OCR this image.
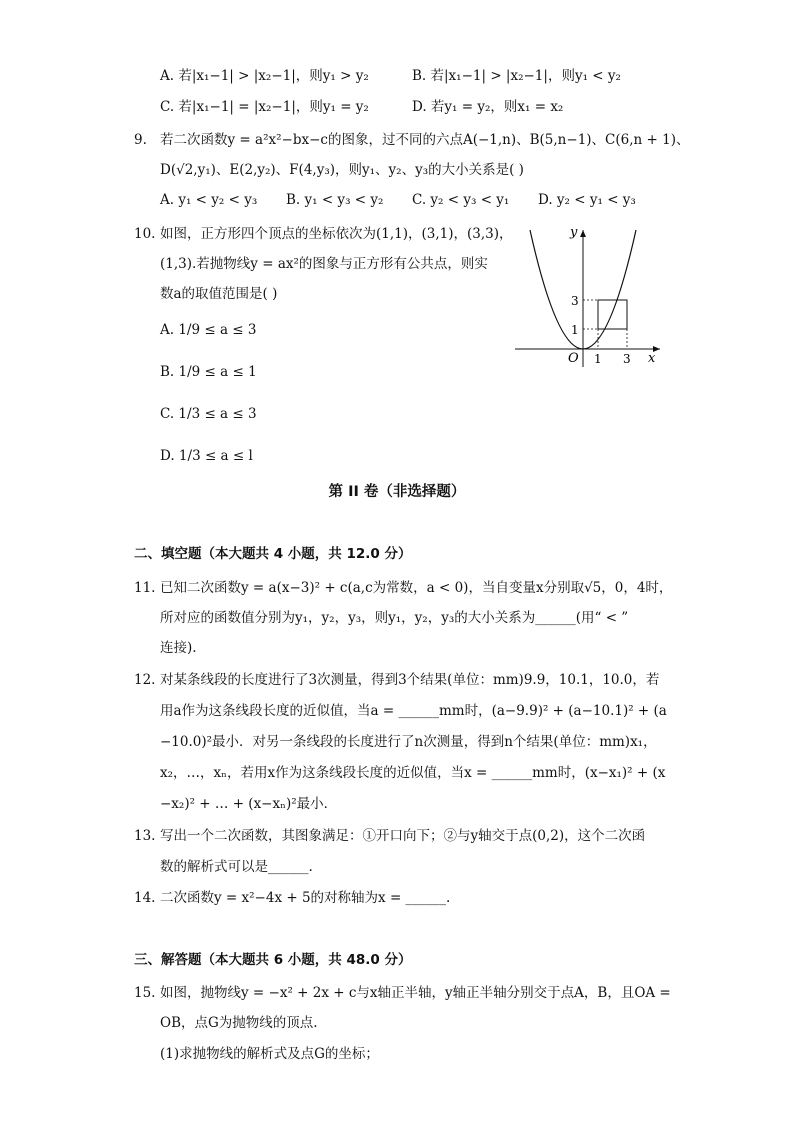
A. 若|x₁−1| > |x₂−1|，则y₁ > y₂	B. 若|x₁−1| > |x₂−1|，则y₁ < y₂
C. 若|x₁−1| = |x₂−1|，则y₁ = y₂	D. 若y₁ = y₂，则x₁ = x₂
9. 若二次函数y = a²x²−bx−c的图象，过不同的六点A(−1,n)、B(5,n−1)、C(6,n + 1)、
D(√2,y₁)、E(2,y₂)、F(4,y₃)，则y₁、y₂、y₃的大小关系是( )
A. y₁ < y₂ < y₃ B. y₁ < y₃ < y₂ C. y₂ < y₃ < y₁ D. y₂ < y₁ < y₃
10. 如图，正方形四个顶点的坐标依次为(1,1)，(3,1)，(3,3)，
(1,3).若抛物线y = ax²的图象与正方形有公共点，则实
数a的取值范围是( )
A. 1/9 ≤ a ≤ 3
B. 1/9 ≤ a ≤ 1
C. 1/3 ≤ a ≤ 3
D. 1/3 ≤ a ≤ l
y
x
O 1 3
1
3
第 II 卷（非选择题）
二、填空题（本大题共 4 小题，共 12.0 分）
11. 已知二次函数y = a(x−3)² + c(a,c为常数，a < 0)，当自变量x分别取√5，0，4时，
所对应的函数值分别为y₁，y₂，y₃，则y₁，y₂，y₃的大小关系为______(用“ < ”
连接).
12. 对某条线段的长度进行了3次测量，得到3个结果(单位：mm)9.9，10.1，10.0，若
用a作为这条线段长度的近似值，当a = ______mm时，(a−9.9)² + (a−10.1)² + (a
−10.0)²最小．对另一条线段的长度进行了n次测量，得到n个结果(单位：mm)x₁，
x₂，…，xₙ，若用x作为这条线段长度的近似值，当x = ______mm时，(x−x₁)² + (x
−x₂)² + … + (x−xₙ)²最小．
13. 写出一个二次函数，其图象满足：①开口向下；②与y轴交于点(0,2)，这个二次函
数的解析式可以是______.
14. 二次函数y = x²−4x + 5的对称轴为x = ______.
三、解答题（本大题共 6 小题，共 48.0 分）
15. 如图，抛物线y = −x² + 2x + c与x轴正半轴，y轴正半轴分别交于点A，B，且OA =
OB，点G为抛物线的顶点.
(1)求抛物线的解析式及点G的坐标；
